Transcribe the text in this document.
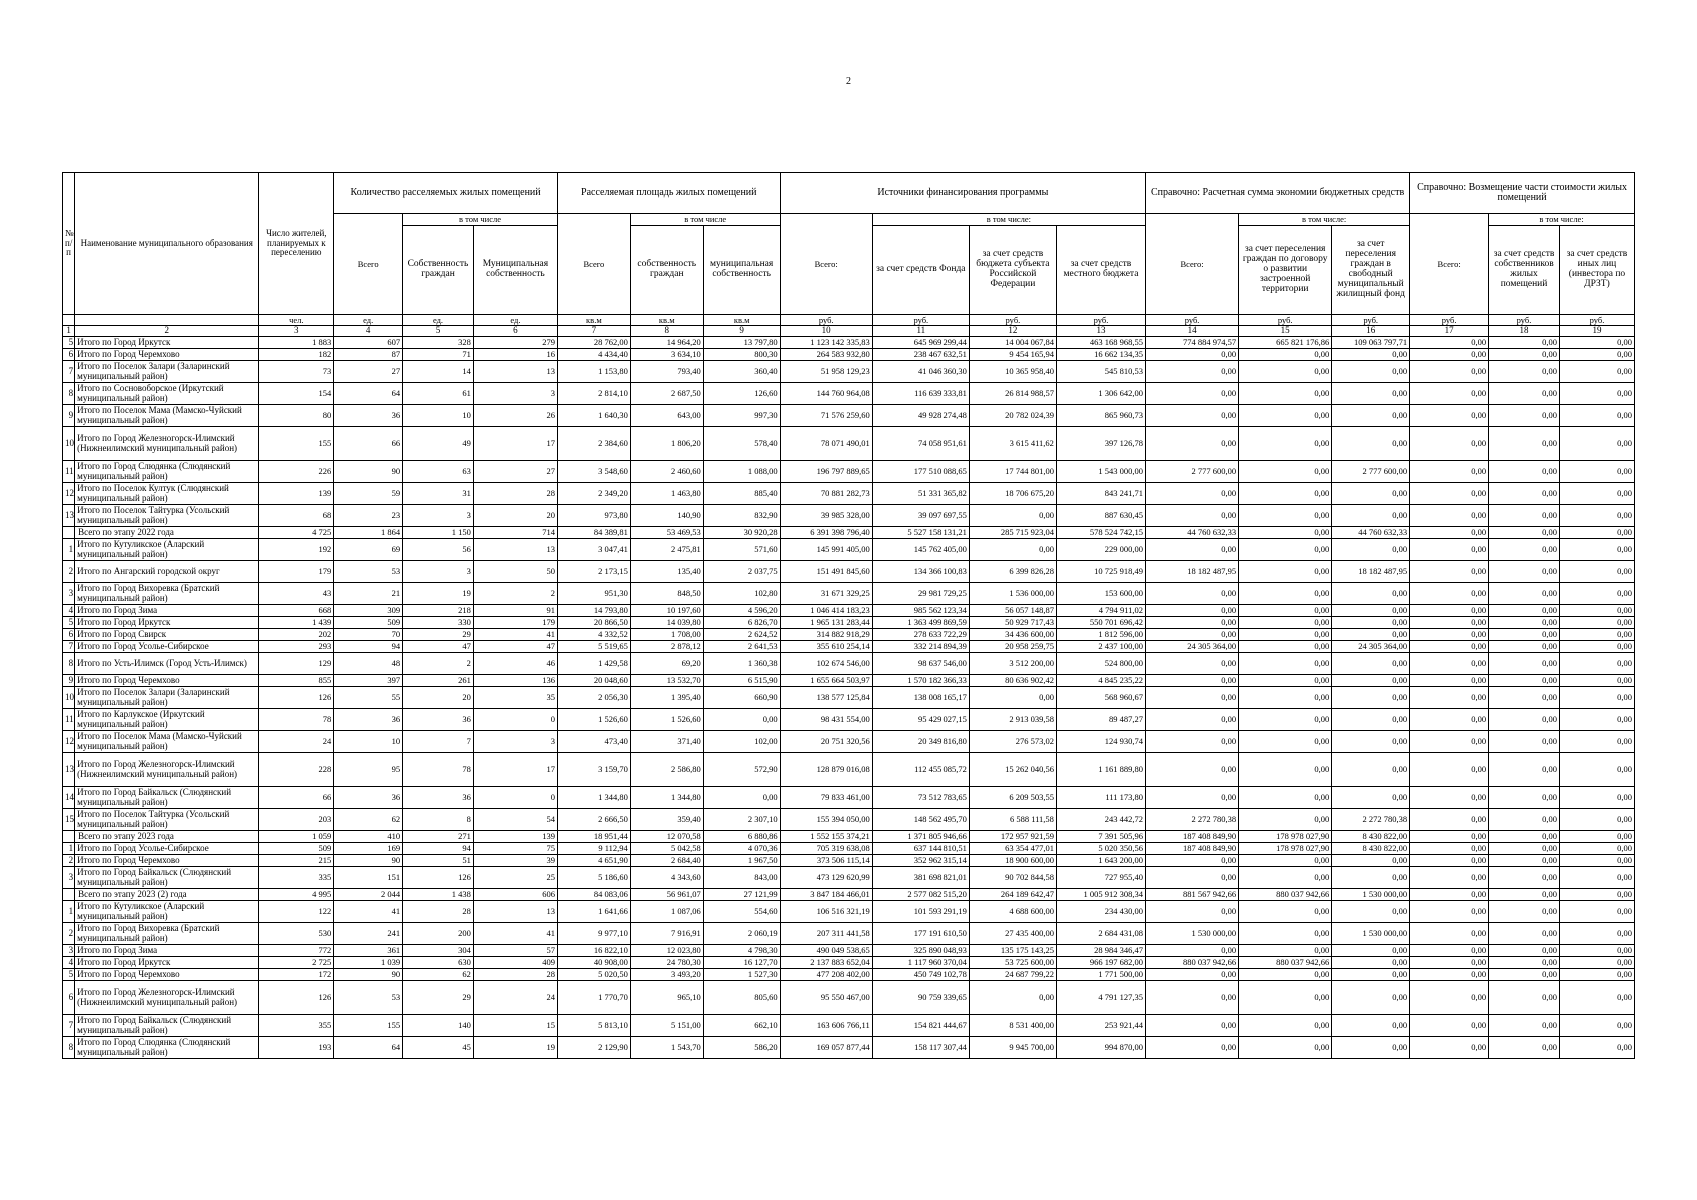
2
№ п/п	Наименование муниципального образования	Число жителей, планируемых к переселению	Количество расселяемых жилых помещений			Расселяемая площадь жилых помещений			Источники финансирования программы				Справочно: Расчетная сумма экономии бюджетных средств			Справочно: Возмещение части стоимости жилых помещений		
			Всего	в том числе		Всего	в том числе		Всего:	в том числе:			Всего:	в том числе:		Всего:	в том числе:	
				Собственность граждан	Муниципальная собственность		собственность граждан	муниципальная собственность		за счет средств Фонда	за счет средств бюджета субъекта Российской Федерации	за счет средств местного бюджета		за счет переселения граждан по договору о развитии застроенной территории	за счет переселения граждан в свободный муниципальный жилищный фонд		за счет средств собственников жилых помещений	за счет средств иных лиц (инвестора по ДРЗТ)
		чел.	ед.	ед.	ед.	кв.м	кв.м	кв.м	руб.	руб.	руб.	руб.	руб.	руб.	руб.	руб.	руб.	руб.
1	2	3	4	5	6	7	8	9	10	11	12	13	14	15	16	17	18	19
5	Итого по Город Иркутск	1 883	607	328	279	28 762,00	14 964,20	13 797,80	1 123 142 335,83	645 969 299,44	14 004 067,84	463 168 968,55	774 884 974,57	665 821 176,86	109 063 797,71	0,00	0,00	0,00
6	Итого по Город Черемхово	182	87	71	16	4 434,40	3 634,10	800,30	264 583 932,80	238 467 632,51	9 454 165,94	16 662 134,35	0,00	0,00	0,00	0,00	0,00	0,00
7	Итого по Поселок Залари (Заларинский муниципальный район)	73	27	14	13	1 153,80	793,40	360,40	51 958 129,23	41 046 360,30	10 365 958,40	545 810,53	0,00	0,00	0,00	0,00	0,00	0,00
8	Итого по Сосновоборское (Иркутский муниципальный район)	154	64	61	3	2 814,10	2 687,50	126,60	144 760 964,08	116 639 333,81	26 814 988,57	1 306 642,00	0,00	0,00	0,00	0,00	0,00	0,00
9	Итого по Поселок Мама (Мамско-Чуйский муниципальный район)	80	36	10	26	1 640,30	643,00	997,30	71 576 259,60	49 928 274,48	20 782 024,39	865 960,73	0,00	0,00	0,00	0,00	0,00	0,00
10	Итого по Город Железногорск-Илимский (Нижнеилимский муниципальный район)	155	66	49	17	2 384,60	1 806,20	578,40	78 071 490,01	74 058 951,61	3 615 411,62	397 126,78	0,00	0,00	0,00	0,00	0,00	0,00
11	Итого по Город Слюдянка (Слюдянский муниципальный район)	226	90	63	27	3 548,60	2 460,60	1 088,00	196 797 889,65	177 510 088,65	17 744 801,00	1 543 000,00	2 777 600,00	0,00	2 777 600,00	0,00	0,00	0,00
12	Итого по Поселок Култук (Слюдянский муниципальный район)	139	59	31	28	2 349,20	1 463,80	885,40	70 881 282,73	51 331 365,82	18 706 675,20	843 241,71	0,00	0,00	0,00	0,00	0,00	0,00
13	Итого по Поселок Тайтурка (Усольский муниципальный район)	68	23	3	20	973,80	140,90	832,90	39 985 328,00	39 097 697,55	0,00	887 630,45	0,00	0,00	0,00	0,00	0,00	0,00
	Всего по этапу 2022 года	4 725	1 864	1 150	714	84 389,81	53 469,53	30 920,28	6 391 398 796,40	5 527 158 131,21	285 715 923,04	578 524 742,15	44 760 632,33	0,00	44 760 632,33	0,00	0,00	0,00
1	Итого по Кутуликское (Аларский муниципальный район)	192	69	56	13	3 047,41	2 475,81	571,60	145 991 405,00	145 762 405,00	0,00	229 000,00	0,00	0,00	0,00	0,00	0,00	0,00
2	Итого по Ангарский городской округ	179	53	3	50	2 173,15	135,40	2 037,75	151 491 845,60	134 366 100,83	6 399 826,28	10 725 918,49	18 182 487,95	0,00	18 182 487,95	0,00	0,00	0,00
3	Итого по Город Вихоревка (Братский муниципальный район)	43	21	19	2	951,30	848,50	102,80	31 671 329,25	29 981 729,25	1 536 000,00	153 600,00	0,00	0,00	0,00	0,00	0,00	0,00
4	Итого по Город Зима	668	309	218	91	14 793,80	10 197,60	4 596,20	1 046 414 183,23	985 562 123,34	56 057 148,87	4 794 911,02	0,00	0,00	0,00	0,00	0,00	0,00
5	Итого по Город Иркутск	1 439	509	330	179	20 866,50	14 039,80	6 826,70	1 965 131 283,44	1 363 499 869,59	50 929 717,43	550 701 696,42	0,00	0,00	0,00	0,00	0,00	0,00
6	Итого по Город Свирск	202	70	29	41	4 332,52	1 708,00	2 624,52	314 882 918,29	278 633 722,29	34 436 600,00	1 812 596,00	0,00	0,00	0,00	0,00	0,00	0,00
7	Итого по Город Усолье-Сибирское	293	94	47	47	5 519,65	2 878,12	2 641,53	355 610 254,14	332 214 894,39	20 958 259,75	2 437 100,00	24 305 364,00	0,00	24 305 364,00	0,00	0,00	0,00
8	Итого по Усть-Илимск (Город Усть-Илимск)	129	48	2	46	1 429,58	69,20	1 360,38	102 674 546,00	98 637 546,00	3 512 200,00	524 800,00	0,00	0,00	0,00	0,00	0,00	0,00
9	Итого по Город Черемхово	855	397	261	136	20 048,60	13 532,70	6 515,90	1 655 664 503,97	1 570 182 366,33	80 636 902,42	4 845 235,22	0,00	0,00	0,00	0,00	0,00	0,00
10	Итого по Поселок Залари (Заларинский муниципальный район)	126	55	20	35	2 056,30	1 395,40	660,90	138 577 125,84	138 008 165,17	0,00	568 960,67	0,00	0,00	0,00	0,00	0,00	0,00
11	Итого по Карлукское (Иркутский муниципальный район)	78	36	36	0	1 526,60	1 526,60	0,00	98 431 554,00	95 429 027,15	2 913 039,58	89 487,27	0,00	0,00	0,00	0,00	0,00	0,00
12	Итого по Поселок Мама (Мамско-Чуйский муниципальный район)	24	10	7	3	473,40	371,40	102,00	20 751 320,56	20 349 816,80	276 573,02	124 930,74	0,00	0,00	0,00	0,00	0,00	0,00
13	Итого по Город Железногорск-Илимский (Нижнеилимский муниципальный район)	228	95	78	17	3 159,70	2 586,80	572,90	128 879 016,08	112 455 085,72	15 262 040,56	1 161 889,80	0,00	0,00	0,00	0,00	0,00	0,00
14	Итого по Город Байкальск (Слюдянский муниципальный район)	66	36	36	0	1 344,80	1 344,80	0,00	79 833 461,00	73 512 783,65	6 209 503,55	111 173,80	0,00	0,00	0,00	0,00	0,00	0,00
15	Итого по Поселок Тайтурка (Усольский муниципальный район)	203	62	8	54	2 666,50	359,40	2 307,10	155 394 050,00	148 562 495,70	6 588 111,58	243 442,72	2 272 780,38	0,00	2 272 780,38	0,00	0,00	0,00
	Всего по этапу 2023 года	1 059	410	271	139	18 951,44	12 070,58	6 880,86	1 552 155 374,21	1 371 805 946,66	172 957 921,59	7 391 505,96	187 408 849,90	178 978 027,90	8 430 822,00	0,00	0,00	0,00
1	Итого по Город Усолье-Сибирское	509	169	94	75	9 112,94	5 042,58	4 070,36	705 319 638,08	637 144 810,51	63 354 477,01	5 020 350,56	187 408 849,90	178 978 027,90	8 430 822,00	0,00	0,00	0,00
2	Итого по Город Черемхово	215	90	51	39	4 651,90	2 684,40	1 967,50	373 506 115,14	352 962 315,14	18 900 600,00	1 643 200,00	0,00	0,00	0,00	0,00	0,00	0,00
3	Итого по Город Байкальск (Слюдянский муниципальный район)	335	151	126	25	5 186,60	4 343,60	843,00	473 129 620,99	381 698 821,01	90 702 844,58	727 955,40	0,00	0,00	0,00	0,00	0,00	0,00
	Всего по этапу 2023 (2) года	4 995	2 044	1 438	606	84 083,06	56 961,07	27 121,99	3 847 184 466,01	2 577 082 515,20	264 189 642,47	1 005 912 308,34	881 567 942,66	880 037 942,66	1 530 000,00	0,00	0,00	0,00
1	Итого по Кутуликское (Аларский муниципальный район)	122	41	28	13	1 641,66	1 087,06	554,60	106 516 321,19	101 593 291,19	4 688 600,00	234 430,00	0,00	0,00	0,00	0,00	0,00	0,00
2	Итого по Город Вихоревка (Братский муниципальный район)	530	241	200	41	9 977,10	7 916,91	2 060,19	207 311 441,58	177 191 610,50	27 435 400,00	2 684 431,08	1 530 000,00	0,00	1 530 000,00	0,00	0,00	0,00
3	Итого по Город Зима	772	361	304	57	16 822,10	12 023,80	4 798,30	490 049 538,65	325 890 048,93	135 175 143,25	28 984 346,47	0,00	0,00	0,00	0,00	0,00	0,00
4	Итого по Город Иркутск	2 725	1 039	630	409	40 908,00	24 780,30	16 127,70	2 137 883 652,04	1 117 960 370,04	53 725 600,00	966 197 682,00	880 037 942,66	880 037 942,66	0,00	0,00	0,00	0,00
5	Итого по Город Черемхово	172	90	62	28	5 020,50	3 493,20	1 527,30	477 208 402,00	450 749 102,78	24 687 799,22	1 771 500,00	0,00	0,00	0,00	0,00	0,00	0,00
6	Итого по Город Железногорск-Илимский (Нижнеилимский муниципальный район)	126	53	29	24	1 770,70	965,10	805,60	95 550 467,00	90 759 339,65	0,00	4 791 127,35	0,00	0,00	0,00	0,00	0,00	0,00
7	Итого по Город Байкальск (Слюдянский муниципальный район)	355	155	140	15	5 813,10	5 151,00	662,10	163 606 766,11	154 821 444,67	8 531 400,00	253 921,44	0,00	0,00	0,00	0,00	0,00	0,00
8	Итого по Город Слюдянка (Слюдянский муниципальный район)	193	64	45	19	2 129,90	1 543,70	586,20	169 057 877,44	158 117 307,44	9 945 700,00	994 870,00	0,00	0,00	0,00	0,00	0,00	0,00
